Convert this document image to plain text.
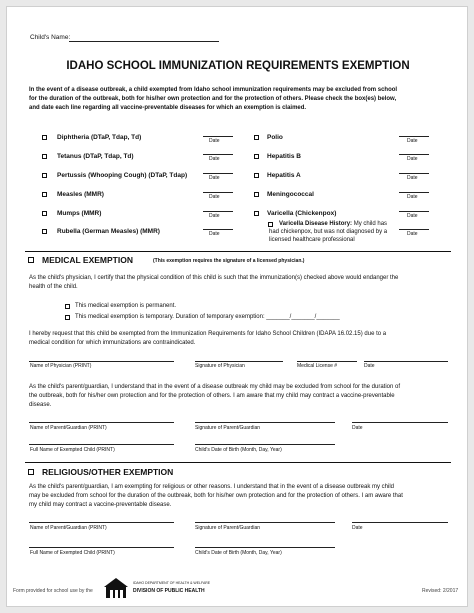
Child's Name:
IDAHO SCHOOL IMMUNIZATION REQUIREMENTS EXEMPTION
In the event of a disease outbreak, a child exempted from Idaho school immunization requirements may be excluded from school
for the duration of the outbreak, both for his/her own protection and for the protection of others. Please check the box(es) below,
and date each line regarding all vaccine-preventable diseases for which an exemption is claimed.
Diphtheria (DTaP, Tdap, Td)	Date
Tetanus (DTaP, Tdap, Td)	Date
Pertussis (Whooping Cough) (DTaP, Tdap)	Date
Measles (MMR)	Date
Mumps (MMR)	Date
Rubella (German Measles) (MMR)	Date
Polio	Date
Hepatitis B	Date
Hepatitis A	Date
Meningococcal	Date
Varicella (Chickenpox)	Date
Varicella Disease History: My child has
had chickenpox, but was not diagnosed by a
licensed healthcare professional
Date
MEDICAL EXEMPTION	(This exemption requires the signature of a licensed physician.)
As the child's physician, I certify that the physical condition of this child is such that the immunization(s) checked above would endanger the
health of the child.
This medical exemption is permanent.
This medical exemption is temporary. Duration of temporary exemption: _______/_______/_______
I hereby request that this child be exempted from the Immunization Requirements for Idaho School Children (IDAPA 16.02.15) due to a
medical condition for which immunizations are contraindicated.
Name of Physician (PRINT)	Signature of Physician	Medical License #	Date
As the child's parent/guardian, I understand that in the event of a disease outbreak my child may be excluded from school for the duration of
the outbreak, both for his/her own protection and for the protection of others. I am aware that my child may contract a vaccine-preventable
disease.
Name of Parent/Guardian (PRINT)	Signature of Parent/Guardian	Date
Full Name of Exempted Child (PRINT)	Child's Date of Birth (Month, Day, Year)
RELIGIOUS/OTHER EXEMPTION
As the child's parent/guardian, I am exempting for religious or other reasons. I understand that in the event of a disease outbreak my child
may be excluded from school for the duration of the outbreak, both for his/her own protection and for the protection of others. I am aware that
my child may contract a vaccine-preventable disease.
Name of Parent/Guardian (PRINT)	Signature of Parent/Guardian	Date
Full Name of Exempted Child (PRINT)	Child's Date of Birth (Month, Day, Year)
Form provided for school use by the
IDAHO DEPARTMENT OF HEALTH & WELFARE
DIVISION OF PUBLIC HEALTH	Revised: 2/2017
